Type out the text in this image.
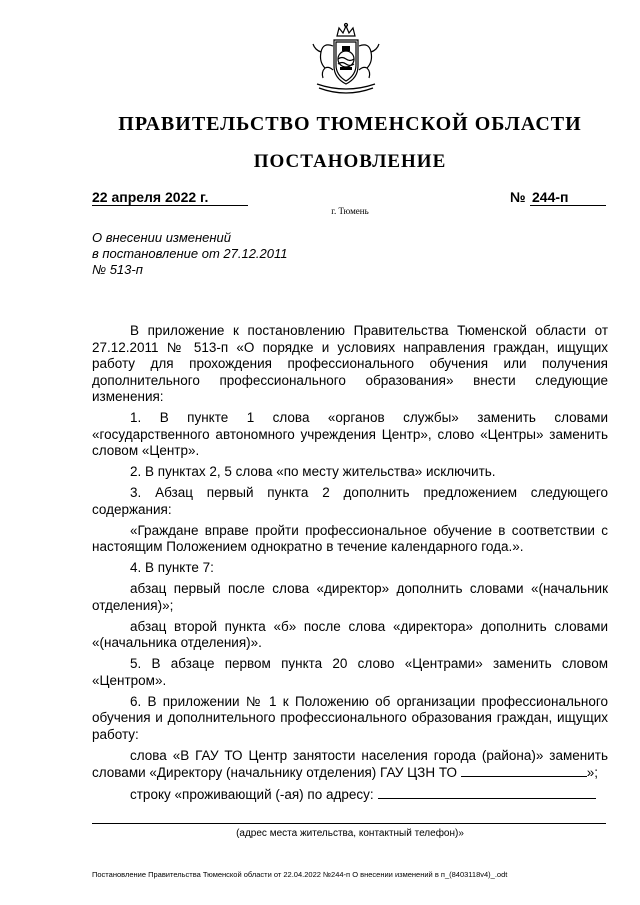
ПРАВИТЕЛЬСТВО ТЮМЕНСКОЙ ОБЛАСТИ
ПОСТАНОВЛЕНИЕ
22 апреля 2022 г.	№ 244-п
г. Тюмень
О внесении изменений
в постановление от 27.12.2011
№ 513-п

В приложение к постановлению Правительства Тюменской области от 27.12.2011 № 513-п «О порядке и условиях направления граждан, ищущих работу для прохождения профессионального обучения или получения дополнительного профессионального образования» внести следующие изменения:

1. В пункте 1 слова «органов службы» заменить словами «государственного автономного учреждения Центр», слово «Центры» заменить словом «Центр».

2. В пунктах 2, 5 слова «по месту жительства» исключить.

3. Абзац первый пункта 2 дополнить предложением следующего содержания:

«Граждане вправе пройти профессиональное обучение в соответствии с настоящим Положением однократно в течение календарного года.».

4. В пункте 7:

абзац первый после слова «директор» дополнить словами «(начальник отделения)»;

абзац второй пункта «б» после слова «директора» дополнить словами «(начальника отделения)».

5. В абзаце первом пункта 20 слово «Центрами» заменить словом «Центром».

6. В приложении № 1 к Положению об организации профессионального обучения и дополнительного профессионального образования граждан, ищущих работу:

слова «В ГАУ ТО Центр занятости населения города (района)» заменить словами «Директору (начальнику отделения) ГАУ ЦЗН ТО	»;

строку «проживающий (-ая) по адресу:

(адрес места жительства, контактный телефон)»
Постановление Правительства Тюменской области от 22.04.2022 №244-п О внесении изменений в п_(8403118v4)_.odt
